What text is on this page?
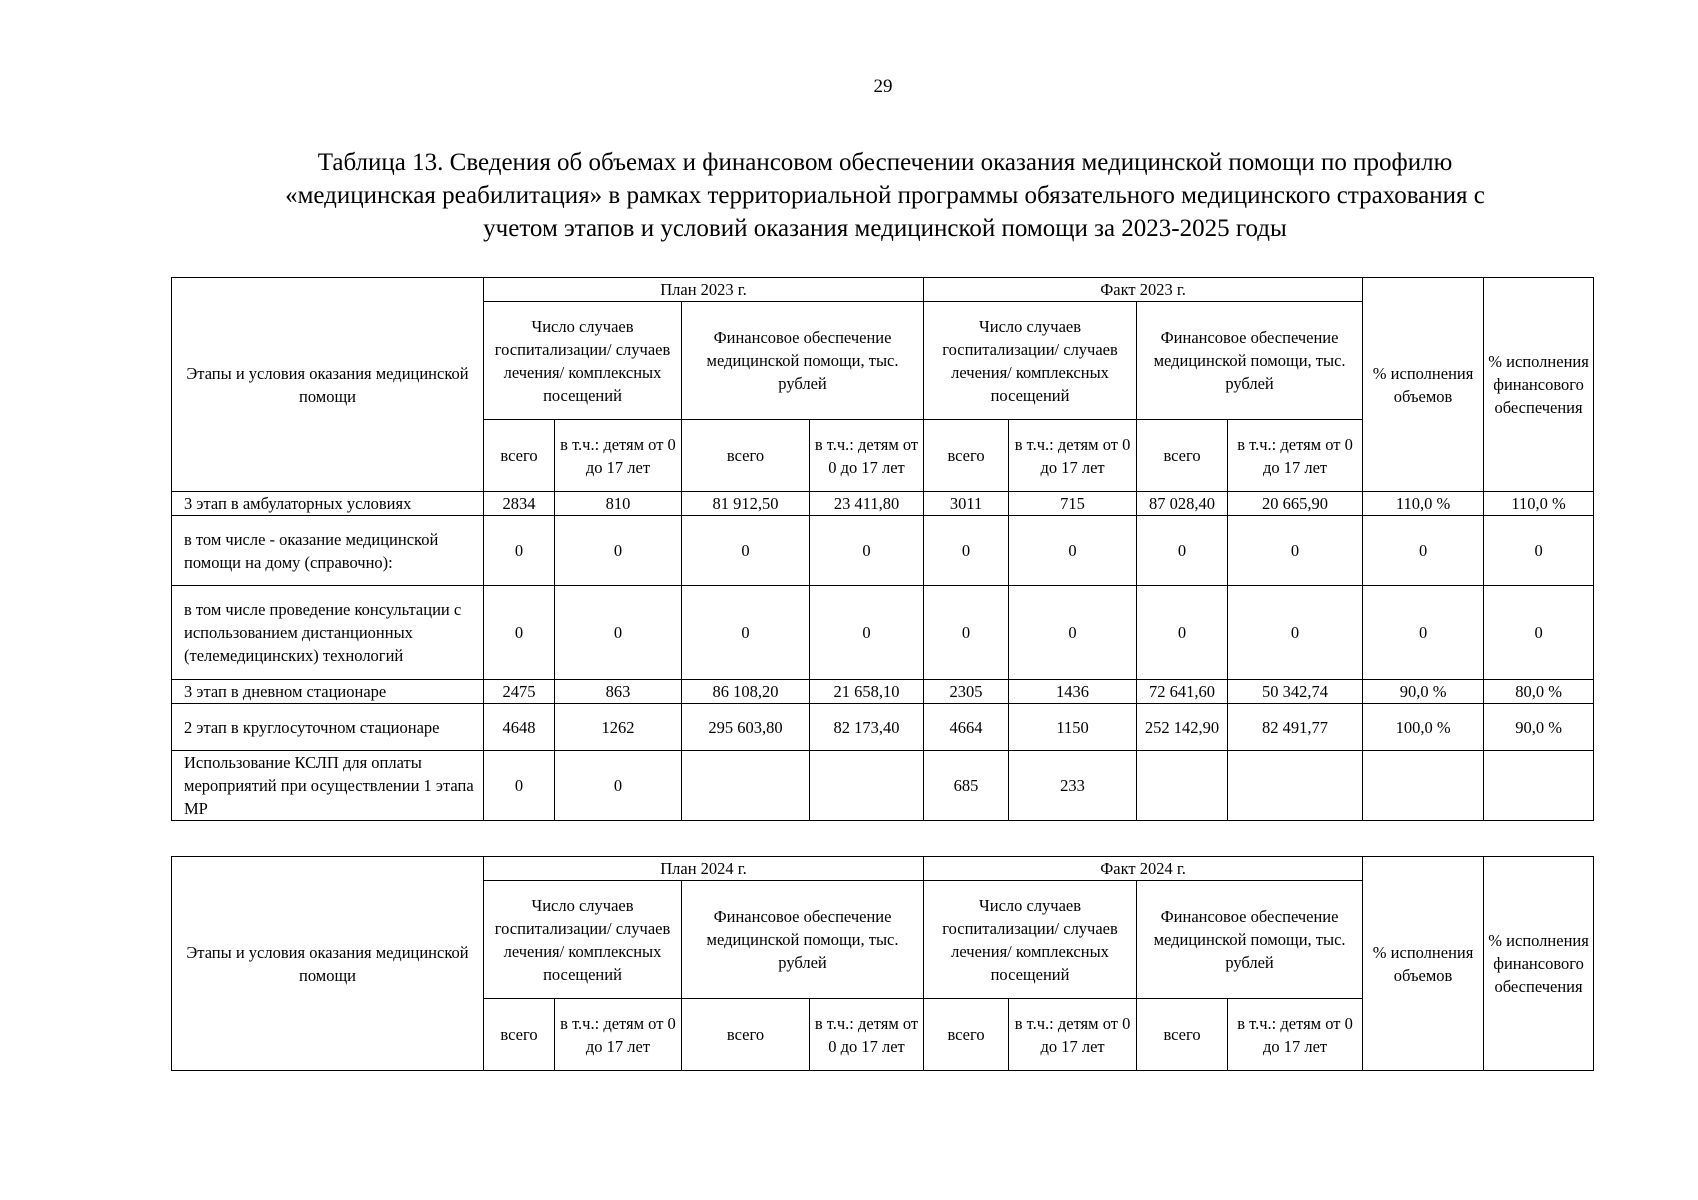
29
Таблица 13. Сведения об объемах и финансовом обеспечении оказания медицинской помощи по профилю
«медицинская реабилитация» в рамках территориальной программы обязательного медицинского страхования с
учетом этапов и условий оказания медицинской помощи за 2023-2025 годы
Этапы и условия оказания медицинской помощи	План 2023 г.				Факт 2023 г.				% исполнения объемов	% исполнения финансового обеспечения
	Число случаев госпитализации/ случаев лечения/ комплексных посещений		Финансовое обеспечение медицинской помощи, тыс. рублей		Число случаев госпитализации/ случаев лечения/ комплексных посещений		Финансовое обеспечение медицинской помощи, тыс. рублей			
	всего	в т.ч.: детям от 0 до 17 лет	всего	в т.ч.: детям от 0 до 17 лет	всего	в т.ч.: детям от 0 до 17 лет	всего	в т.ч.: детям от 0 до 17 лет		
3 этап в амбулаторных условиях	2834	810	81 912,50	23 411,80	3011	715	87 028,40	20 665,90	110,0 %	110,0 %
в том числе - оказание медицинской помощи на дому (справочно):	0	0	0	0	0	0	0	0	0	0
в том числе проведение консультации с использованием дистанционных (телемедицинских) технологий	0	0	0	0	0	0	0	0	0	0
3 этап в дневном стационаре	2475	863	86 108,20	21 658,10	2305	1436	72 641,60	50 342,74	90,0 %	80,0 %
2 этап в круглосуточном стационаре	4648	1262	295 603,80	82 173,40	4664	1150	252 142,90	82 491,77	100,0 %	90,0 %
Использование КСЛП для оплаты мероприятий при осуществлении 1 этапа МР	0	0			685	233				
Этапы и условия оказания медицинской помощи	План 2024 г.				Факт 2024 г.				% исполнения объемов	% исполнения финансового обеспечения
	Число случаев госпитализации/ случаев лечения/ комплексных посещений		Финансовое обеспечение медицинской помощи, тыс. рублей		Число случаев госпитализации/ случаев лечения/ комплексных посещений		Финансовое обеспечение медицинской помощи, тыс. рублей			
	всего	в т.ч.: детям от 0 до 17 лет	всего	в т.ч.: детям от 0 до 17 лет	всего	в т.ч.: детям от 0 до 17 лет	всего	в т.ч.: детям от 0 до 17 лет		
